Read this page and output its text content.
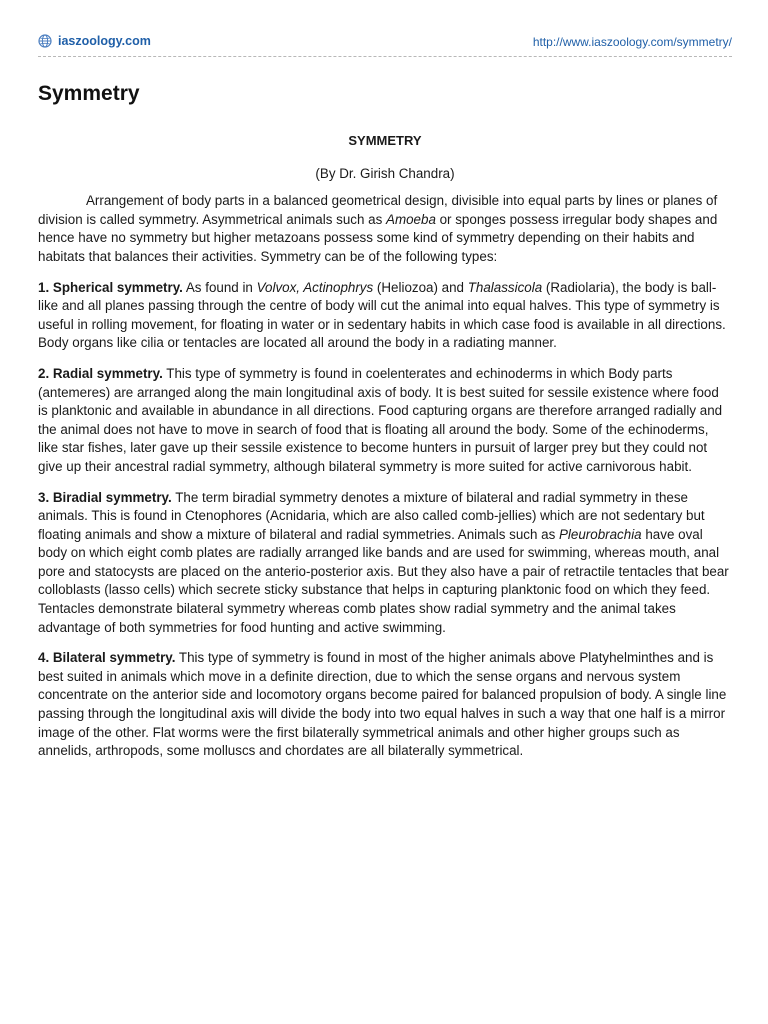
iaszoology.com	http://www.iaszoology.com/symmetry/
Symmetry

SYMMETRY

(By Dr. Girish Chandra)

Arrangement of body parts in a balanced geometrical design, divisible into equal parts by lines or planes of division is called symmetry. Asymmetrical animals such as Amoeba or sponges possess irregular body shapes and hence have no symmetry but higher metazoans possess some kind of symmetry depending on their habits and habitats that balances their activities. Symmetry can be of the following types:

1. Spherical symmetry. As found in Volvox, Actinophrys (Heliozoa) and Thalassicola (Radiolaria), the body is ball-like and all planes passing through the centre of body will cut the animal into equal halves. This type of symmetry is useful in rolling movement, for floating in water or in sedentary habits in which case food is available in all directions. Body organs like cilia or tentacles are located all around the body in a radiating manner.

2. Radial symmetry. This type of symmetry is found in coelenterates and echinoderms in which Body parts (antemeres) are arranged along the main longitudinal axis of body. It is best suited for sessile existence where food is planktonic and available in abundance in all directions. Food capturing organs are therefore arranged radially and the animal does not have to move in search of food that is floating all around the body. Some of the echinoderms, like star fishes, later gave up their sessile existence to become hunters in pursuit of larger prey but they could not give up their ancestral radial symmetry, although bilateral symmetry is more suited for active carnivorous habit.

3. Biradial symmetry. The term biradial symmetry denotes a mixture of bilateral and radial symmetry in these animals. This is found in Ctenophores (Acnidaria, which are also called comb-jellies) which are not sedentary but floating animals and show a mixture of bilateral and radial symmetries. Animals such as Pleurobrachia have oval body on which eight comb plates are radially arranged like bands and are used for swimming, whereas mouth, anal pore and statocysts are placed on the anterio-posterior axis. But they also have a pair of retractile tentacles that bear colloblasts (lasso cells) which secrete sticky substance that helps in capturing planktonic food on which they feed. Tentacles demonstrate bilateral symmetry whereas comb plates show radial symmetry and the animal takes advantage of both symmetries for food hunting and active swimming.

4. Bilateral symmetry. This type of symmetry is found in most of the higher animals above Platyhelminthes and is best suited in animals which move in a definite direction, due to which the sense organs and nervous system concentrate on the anterior side and locomotory organs become paired for balanced propulsion of body. A single line passing through the longitudinal axis will divide the body into two equal halves in such a way that one half is a mirror image of the other. Flat worms were the first bilaterally symmetrical animals and other higher groups such as annelids, arthropods, some molluscs and chordates are all bilaterally symmetrical.
